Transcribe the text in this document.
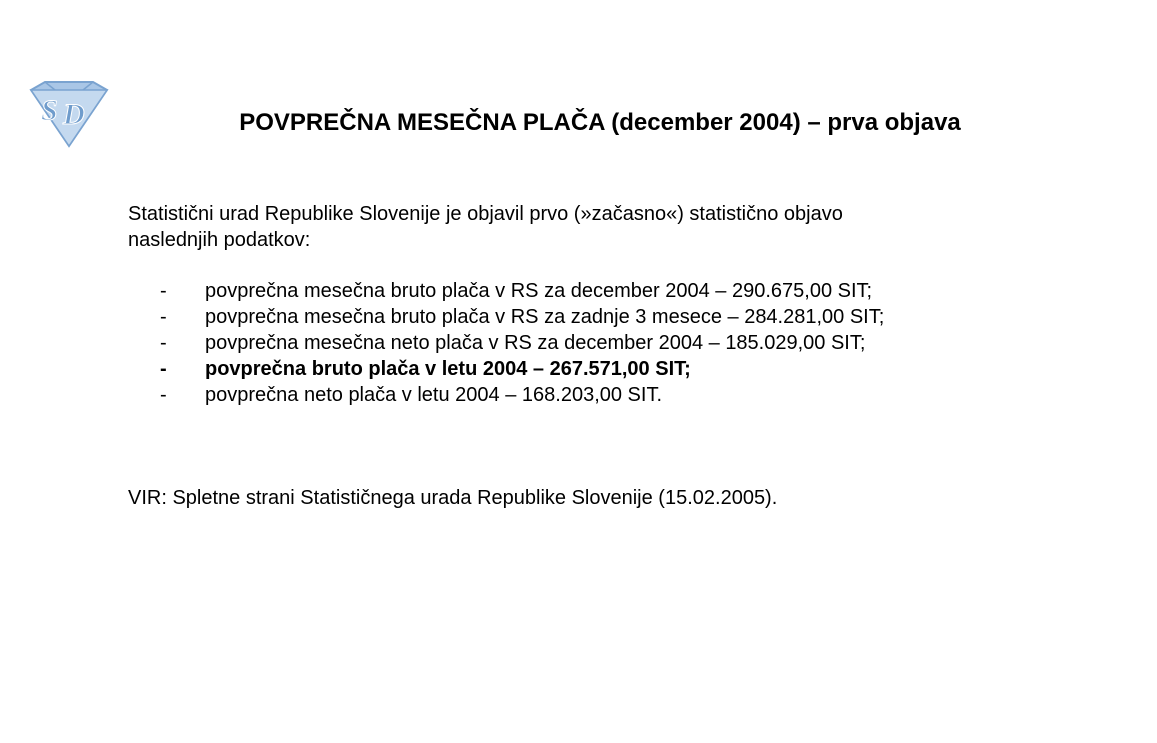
S D	POVPREČNA MESEČNA PLAČA (december 2004) – prva objava
Statistični urad Republike Slovenije je objavil prvo (»začasno«) statistično objavo
naslednjih podatkov:
- povprečna mesečna bruto plača v RS za december 2004 – 290.675,00 SIT;
- povprečna mesečna bruto plača v RS za zadnje 3 mesece – 284.281,00 SIT;
- povprečna mesečna neto plača v RS za december 2004 – 185.029,00 SIT;
- povprečna bruto plača v letu 2004 – 267.571,00 SIT;
- povprečna neto plača v letu 2004 – 168.203,00 SIT.
VIR: Spletne strani Statističnega urada Republike Slovenije (15.02.2005).
